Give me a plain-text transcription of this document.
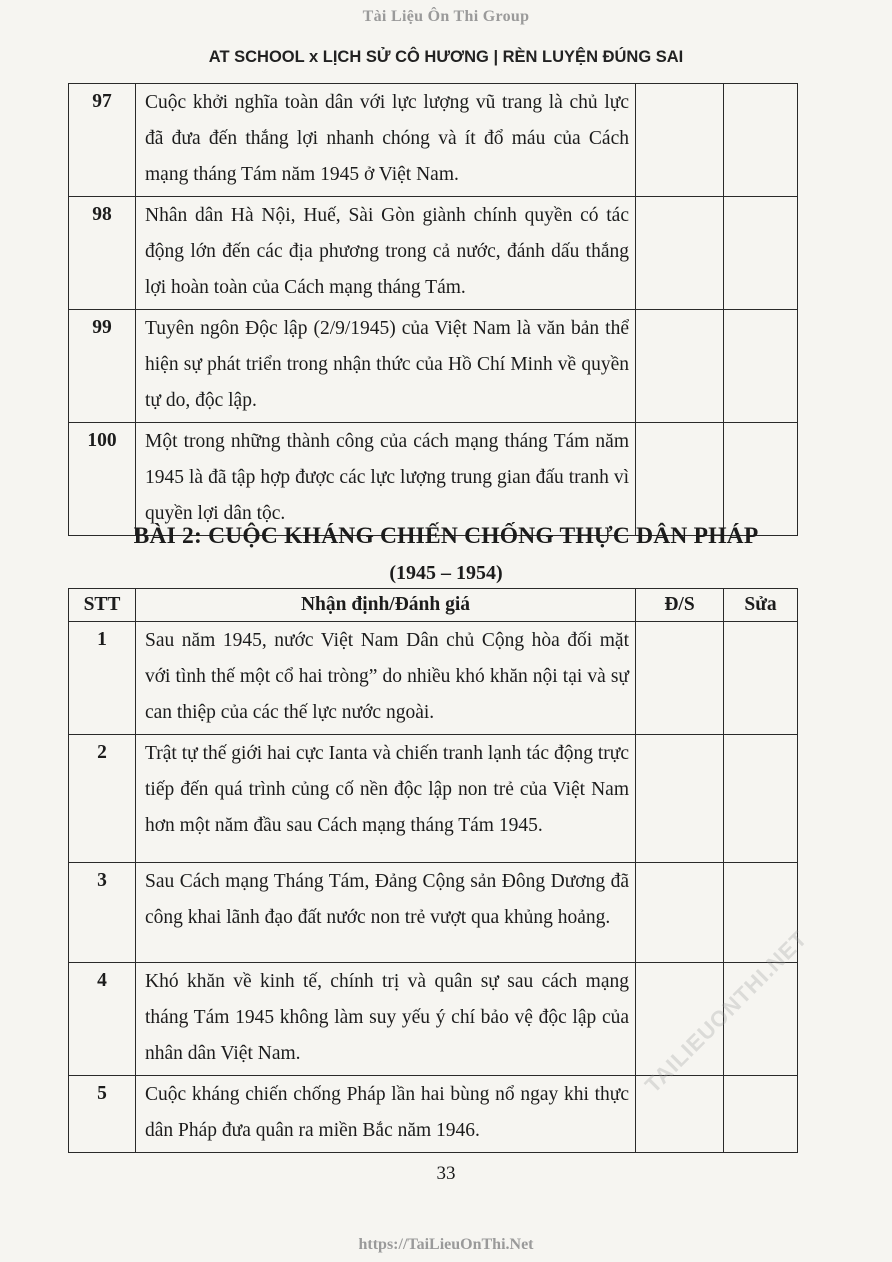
Tài Liệu Ôn Thi Group
AT SCHOOL x LỊCH SỬ CÔ HƯƠNG | RÈN LUYỆN ĐÚNG SAI
97	Cuộc khởi nghĩa toàn dân với lực lượng vũ trang là chủ lực đã đưa đến thắng lợi nhanh chóng và ít đổ máu của Cách mạng tháng Tám năm 1945 ở Việt Nam.		
98	Nhân dân Hà Nội, Huế, Sài Gòn giành chính quyền có tác động lớn đến các địa phương trong cả nước, đánh dấu thắng lợi hoàn toàn của Cách mạng tháng Tám.		
99	Tuyên ngôn Độc lập (2/9/1945) của Việt Nam là văn bản thể hiện sự phát triển trong nhận thức của Hồ Chí Minh về quyền tự do, độc lập.		
100	Một trong những thành công của cách mạng tháng Tám năm 1945 là đã tập hợp được các lực lượng trung gian đấu tranh vì quyền lợi dân tộc.		
BÀI 2: CUỘC KHÁNG CHIẾN CHỐNG THỰC DÂN PHÁP
(1945 – 1954)
STT	Nhận định/Đánh giá	Đ/S	Sửa
1	Sau năm 1945, nước Việt Nam Dân chủ Cộng hòa đối mặt với tình thế một cổ hai tròng” do nhiều khó khăn nội tại và sự can thiệp của các thế lực nước ngoài.		
2	Trật tự thế giới hai cực Ianta và chiến tranh lạnh tác động trực tiếp đến quá trình củng cố nền độc lập non trẻ của Việt Nam hơn một năm đầu sau Cách mạng tháng Tám 1945.		
3	Sau Cách mạng Tháng Tám, Đảng Cộng sản Đông Dương đã công khai lãnh đạo đất nước non trẻ vượt qua khủng hoảng.		
4	Khó khăn về kinh tế, chính trị và quân sự sau cách mạng tháng Tám 1945 không làm suy yếu ý chí bảo vệ độc lập của nhân dân Việt Nam.		
5	Cuộc kháng chiến chống Pháp lần hai bùng nổ ngay khi thực dân Pháp đưa quân ra miền Bắc năm 1946.		
TAILIEUONTHI.NET
33
https://TaiLieuOnThi.Net
